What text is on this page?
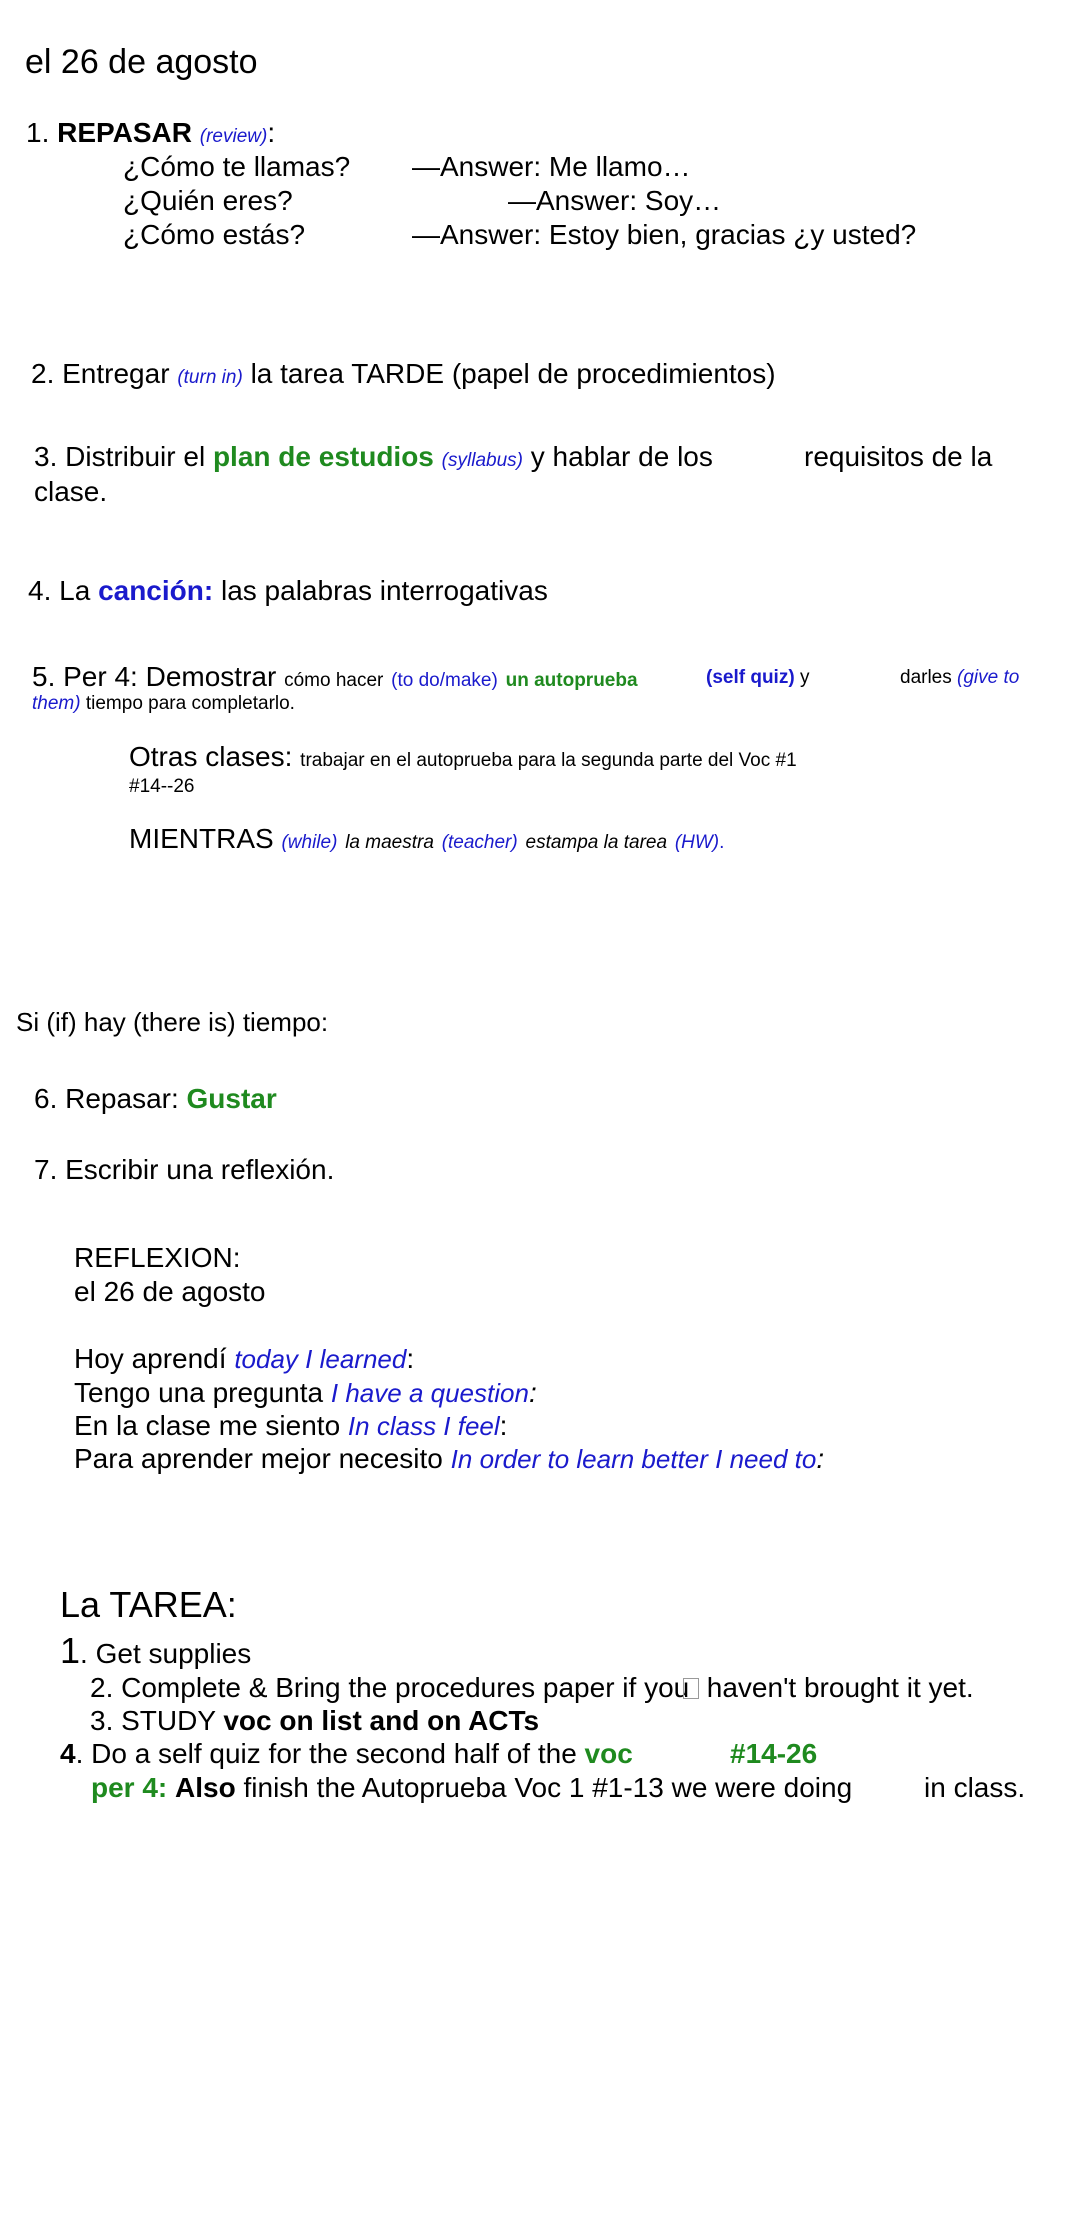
el 26 de agosto
1. REPASAR (review):
¿Cómo te llamas? —Answer: Me llamo…
¿Quién eres?	—Answer: Soy…
¿Cómo estás?	—Answer: Estoy bien, gracias ¿y usted?
2. Entregar (turn in) la tarea TARDE (papel de procedimientos)
3. Distribuir el plan de estudios (syllabus) y hablar de los	requisitos de la
clase.
4. La canción: las palabras interrogativas
5. Per 4: Demostrar cómo hacer (to do/make) un autoprueba	(self quiz) y	darles (give to
them) tiempo para completarlo.
Otras clases: trabajar en el autoprueba para la segunda parte del Voc #1
#14--26
MIENTRAS (while) la maestra (teacher) estampa la tarea (HW).
Si (if) hay (there is) tiempo:
6. Repasar: Gustar
7. Escribir una reflexión.
REFLEXION:
el 26 de agosto
Hoy aprendí today I learned:
Tengo una pregunta I have a question:
En la clase me siento In class I feel:
Para aprender mejor necesito In order to learn better I need to:
La TAREA:
1. Get supplies
2. Complete & Bring the procedures paper if you haven't brought it yet.
3. STUDY voc on list and on ACTs
4. Do a self quiz for the second half of the voc	#14-26
per 4: Also finish the Autoprueba Voc 1 #1-13 we were doing	in class.
